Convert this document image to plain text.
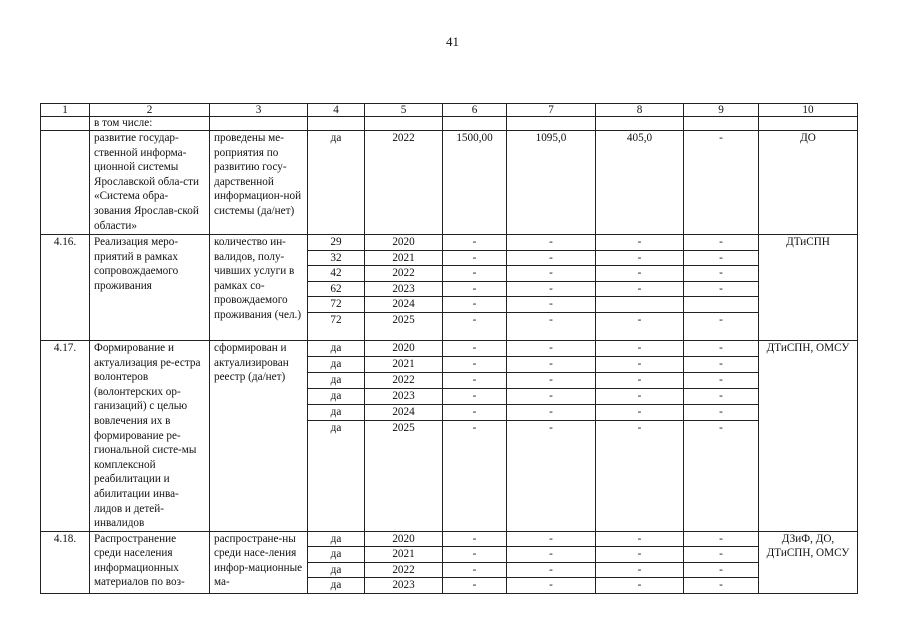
41
1	2	3	4	5	6	7	8	9	10
	в том числе:								
	развитие государ-ственной информа-ционной системы Ярославской обла-сти «Система обра-зования Ярослав-ской области»	проведены ме-роприятия по развитию госу-дарственной информацион-ной системы (да/нет)	да	2022	1500,00	1095,0	405,0	-	ДО
4.16.	Реализация меро-приятий в рамках сопровождаемого проживания	количество ин-валидов, полу-чивших услуги в рамках со-провождаемого проживания (чел.)	29	2020	-	-	-	-	ДТиСПН
			32	2021	-	-	-	-	
			42	2022	-	-	-	-	
			62	2023	-	-	-	-	
			72	2024	-	-			
			72	2025	-	-	-	-	
4.17.	Формирование и актуализация ре-естра волонтеров (волонтерских ор-ганизаций) с целью вовлечения их в формирование ре-гиональной систе-мы комплексной реабилитации и абилитации инва-лидов и детей-инвалидов	сформирован и актуализирован реестр (да/нет)	да	2020	-	-	-	-	ДТиСПН, ОМСУ
			да	2021	-	-	-	-	
			да	2022	-	-	-	-	
			да	2023	-	-	-	-	
			да	2024	-	-	-	-	
			да	2025	-	-	-	-	
4.18.	Распространение среди населения информационных материалов по воз-	распростране-ны среди насе-ления инфор-мационные ма-	да	2020	-	-	-	-	ДЗиФ, ДО, ДТиСПН, ОМСУ
			да	2021	-	-	-	-	
			да	2022	-	-	-	-	
			да	2023	-	-	-	-	
